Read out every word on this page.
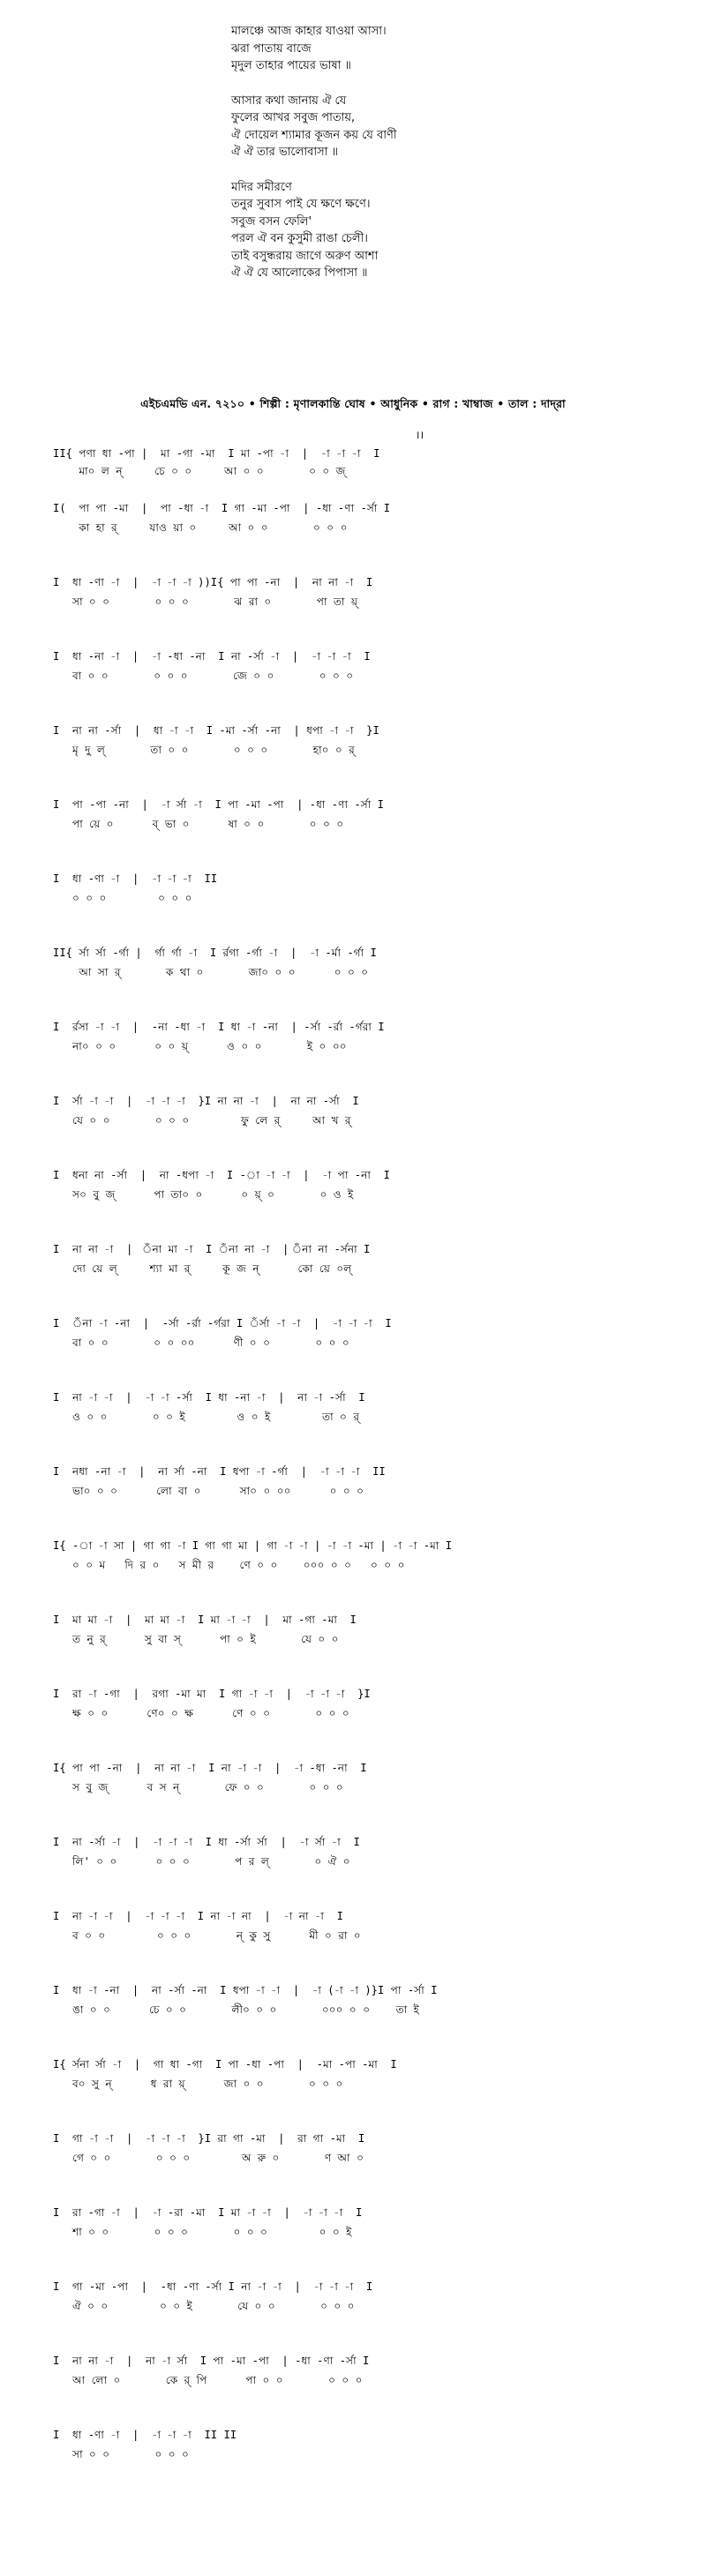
মালঞ্চে আজ কাহার যাওয়া আসা।
ঝরা পাতায় বাজে
মৃদুল তাহার পায়ের ভাষা ॥
আসার কথা জানায় ঐ যে
ফুলের আখর সবুজ পাতায়,
ঐ দোয়েল শ্যামার কূজন কয় যে বাণী
ঐ ঐ তার ভালোবাসা ॥
মদির সমীরণে
তনুর সুবাস পাই যে ক্ষণে ক্ষণে।
সবুজ বসন ফেলি'
পরল ঐ বন কুসুমী রাঙা চেলী।
তাই বসুন্ধরায় জাগে অরুণ আশা
ঐ ঐ যে আলোকের পিপাসা ॥
এইচএমভি এন. ৭২১০ • শিল্পী : মৃণালকান্তি ঘোষ • আধুনিক • রাগ : খাম্বাজ • তাল : দাদ্‌রা
।।
II{ পণা ধা -পা |  মা -গা -মা  I মা -পা -া  |  -া -া -া  I
মা০ ল ন্     চে ০ ০     আ ০ ০       ০ ০ জ্
I(  পা পা -মা  |  পা -ধা -া  I গা -মা -পা  | -ধা -ণা -র্সা I
কা হা র্     যাও য়া ০     আ ০ ০       ০ ০ ০
I  ধা -ণা -া  |  -া -া -া ))I{ পা পা -না  |  না না -া  I
সা ০ ০       ০ ০ ০       ঝ রা ০       পা তা য়্
I  ধা -না -া  |  -া -ধা -না  I না -র্সা -া  |  -া -া -া  I
বা ০ ০       ০ ০ ০       জে ০ ০       ০ ০ ০
I  না না -র্সা  |  ধা -া -া  I -মা -র্সা -না  | ধপা -া -া  }I
মৃ দু ল্       তা ০ ০       ০ ০ ০       হা০ ০ র্
I  পা -পা -না  |  -া র্সা -া  I পা -মা -পা  | -ধা -ণা -র্সা I
পা য়ে ০      ব্ ভা ০      ষা ০ ০       ০ ০ ০
I  ধা -ণা -া  |  -া -া -া  II
০ ০ ০        ০ ০ ০
II{ র্সা র্সা -র্গা |  র্গা র্গা -া  I র্রগা -র্গা -া  |  -া -র্মা -র্গা I
আ সা র্       ক থা ০       জা০ ০ ০      ০ ০ ০
I  র্রসা -া -া  |  -না -ধা -া  I ধা -া -না  | -র্সা -র্রা -র্গরা I
না০ ০ ০      ০ ০ য়্      ও ০ ০       ই ০ ০০
I  র্সা -া -া  |  -া -া -া  }I না না -া  |  না না -র্সা  I
যে ০ ০       ০ ০ ০        ফু লে র্     আ খ র্
I  ধনা না -র্সা  |  না -ধপা -া  I -া -া -া  |  -া পা -না  I
স০ বু জ্      পা তা০ ০      ০ য়্ ০       ০ ও ই
I  না না -া  |  ঁনা মা -া  I ঁনা না -া  | ঁনা না -র্সনা I
দো য়ে ল্     শ্যা মা র্     কূ জ ন্      কো য়ে ০ল্
I  ঁনা -া -না  |  -র্সা -র্রা -র্গরা I ঁর্সা -া -া  |  -া -া -া  I
বা ০ ০       ০ ০ ০০      ণী ০ ০       ০ ০ ০
I  না -া -া  |  -া -া -র্সা  I ধা -না -া  |  না -া -র্সা  I
ও ০ ০       ০ ০ ই        ও ০ ই        তা ০ র্
I  নধা -না -া  |  না র্সা -না  I ধপা -া -র্গা  |  -া -া -া  II
ভা০ ০ ০      লো বা ০      সা০ ০ ০০      ০ ০ ০
I{ -া -া সা | গা গা -া I গা গা মা | গা -া -া | -া -া -মা | -া -া -মা I
০ ০ ম   দি র ০   স মী র    ণে ০ ০    ০০০ ০ ০   ০ ০ ০
I  মা মা -া  |  মা মা -া  I মা -া -া  |  মা -গা -মা  I
ত নু র্      সু বা স্      পা ০ ই       যে ০ ০
I  রা -া -গা  |  রগা -মা মা  I গা -া -া  |  -া -া -া  }I
ক্ষ ০ ০      ণে০ ০ ক্ষ      ণে ০ ০       ০ ০ ০
I{ পা পা -না  |  না না -া  I না -া -া  |  -া -ধা -না  I
স বু জ্      ব স ন্       ফে ০ ০       ০ ০ ০
I  না -র্সা -া  |  -া -া -া  I ধা -র্সা র্সা  |  -া র্সা -া  I
লি' ০ ০      ০ ০ ০       প র ল্       ০ ঐ ০
I  না -া -া  |  -া -া -া  I না -া না  |  -া না -া  I
ব ০ ০        ০ ০ ০       ন্ কু সু      মী ০ রা ০
I  ধা -া -না  |  না -র্সা -না  I ধপা -া -া  |  -া (-া -া )}I পা -র্সা I
ঙা ০ ০      চে ০ ০       লী০ ০ ০       ০০০ ০ ০    তা ই
I{ র্সনা র্সা -া  |  গা ধা -গা  I পা -ধা -পা  |  -মা -পা -মা  I
ব০ সু ন্      ধ রা য়্      জা ০ ০       ০ ০ ০
I  গা -া -া  |  -া -া -া  }I রা গা -মা  |  রা গা -মা  I
গে ০ ০       ০ ০ ০        অ রু ০       ণ আ ০
I  রা -গা -া  |  -া -রা -মা  I মা -া -া  |  -া -া -া  I
শা ০ ০       ০ ০ ০       ০ ০ ০        ০ ০ ই
I  গা -মা -পা  |  -ধা -ণা -র্সা I না -া -া  |  -া -া -া  I
ঐ ০ ০        ০ ০ ই       যে ০ ০       ০ ০ ০
I  না না -া  |  না -া র্সা  I পা -মা -পা  | -ধা -ণা -র্সা I
আ লো ০       কে র্ পি      পা ০ ০       ০ ০ ০
I  ধা -ণা -া  |  -া -া -া  II II
সা ০ ০       ০ ০ ০
